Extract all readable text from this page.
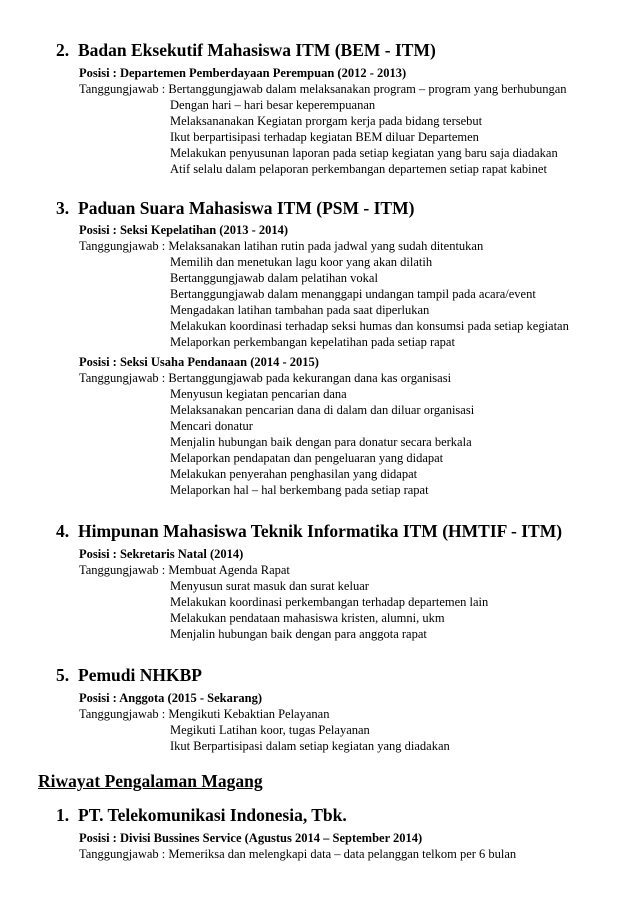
2. Badan Eksekutif Mahasiswa ITM (BEM - ITM)
Posisi : Departemen Pemberdayaan Perempuan (2012 - 2013)
Tanggungjawab : Bertanggungjawab dalam melaksanakan program – program yang berhubungan
Dengan hari – hari besar keperempuanan
Melaksananakan Kegiatan prorgam kerja pada bidang tersebut
Ikut berpartisipasi terhadap kegiatan BEM diluar Departemen
Melakukan penyusunan laporan pada setiap kegiatan yang baru saja diadakan
Atif selalu dalam pelaporan perkembangan departemen setiap rapat kabinet
3. Paduan Suara Mahasiswa ITM (PSM - ITM)
Posisi : Seksi Kepelatihan (2013 - 2014)
Tanggungjawab : Melaksanakan latihan rutin pada jadwal yang sudah ditentukan
Memilih dan menetukan lagu koor yang akan dilatih
Bertanggungjawab dalam pelatihan vokal
Bertanggungjawab dalam menanggapi undangan tampil pada acara/event
Mengadakan latihan tambahan pada saat diperlukan
Melakukan koordinasi terhadap seksi humas dan konsumsi pada setiap kegiatan
Melaporkan perkembangan kepelatihan pada setiap rapat
Posisi : Seksi Usaha Pendanaan (2014 - 2015)
Tanggungjawab : Bertanggungjawab pada kekurangan dana kas organisasi
Menyusun kegiatan pencarian dana
Melaksanakan pencarian dana di dalam dan diluar organisasi
Mencari donatur
Menjalin hubungan baik dengan para donatur secara berkala
Melaporkan pendapatan dan pengeluaran yang didapat
Melakukan penyerahan penghasilan yang didapat
Melaporkan hal – hal berkembang pada setiap rapat
4. Himpunan Mahasiswa Teknik Informatika ITM (HMTIF - ITM)
Posisi : Sekretaris Natal (2014)
Tanggungjawab : Membuat Agenda Rapat
Menyusun surat masuk dan surat keluar
Melakukan koordinasi perkembangan terhadap departemen lain
Melakukan pendataan mahasiswa kristen, alumni, ukm
Menjalin hubungan baik dengan para anggota rapat
5. Pemudi NHKBP
Posisi : Anggota (2015 - Sekarang)
Tanggungjawab : Mengikuti Kebaktian Pelayanan
Megikuti Latihan koor, tugas Pelayanan
Ikut Berpartisipasi dalam setiap kegiatan yang diadakan
Riwayat Pengalaman Magang
1. PT. Telekomunikasi Indonesia, Tbk.
Posisi : Divisi Bussines Service (Agustus 2014 – September 2014)
Tanggungjawab : Memeriksa dan melengkapi data – data pelanggan telkom per 6 bulan
